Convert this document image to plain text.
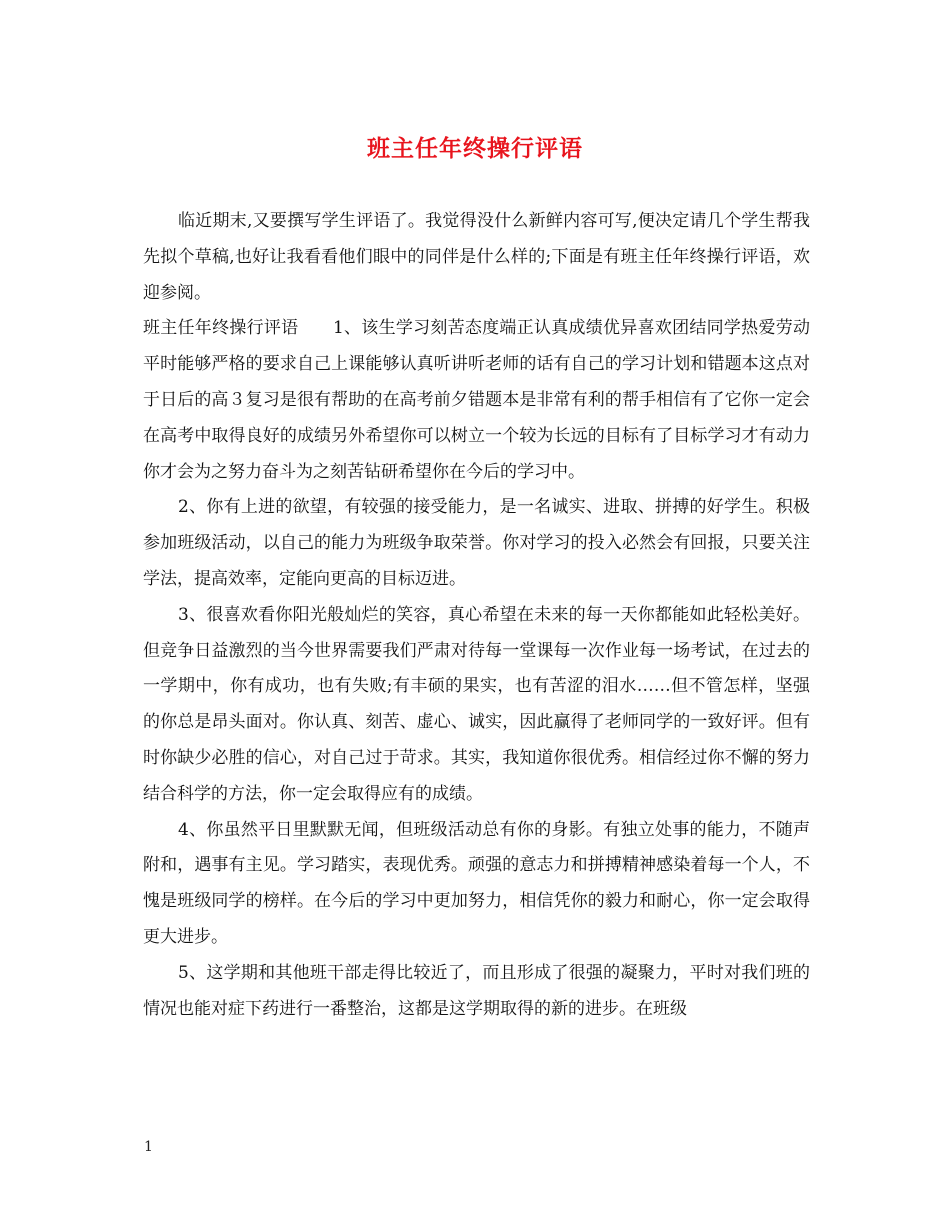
班主任年终操行评语

临近期末,又要撰写学生评语了。我觉得没什么新鲜内容可写,便决定请几个学生帮我先拟个草稿,也好让我看看他们眼中的同伴是什么样的;下面是有班主任年终操行评语，欢迎参阅。

班主任年终操行评语　　1、该生学习刻苦态度端正认真成绩优异喜欢团结同学热爱劳动平时能够严格的要求自己上课能够认真听讲听老师的话有自己的学习计划和错题本这点对于日后的高３复习是很有帮助的在高考前夕错题本是非常有利的帮手相信有了它你一定会在高考中取得良好的成绩另外希望你可以树立一个较为长远的目标有了目标学习才有动力你才会为之努力奋斗为之刻苦钻研希望你在今后的学习中。

2、你有上进的欲望，有较强的接受能力，是一名诚实、进取、拼搏的好学生。积极参加班级活动，以自己的能力为班级争取荣誉。你对学习的投入必然会有回报，只要关注学法，提高效率，定能向更高的目标迈进。

3、很喜欢看你阳光般灿烂的笑容，真心希望在未来的每一天你都能如此轻松美好。但竞争日益激烈的当今世界需要我们严肃对待每一堂课每一次作业每一场考试，在过去的一学期中，你有成功，也有失败;有丰硕的果实，也有苦涩的泪水……但不管怎样，坚强的你总是昂头面对。你认真、刻苦、虚心、诚实，因此赢得了老师同学的一致好评。但有时你缺少必胜的信心，对自己过于苛求。其实，我知道你很优秀。相信经过你不懈的努力结合科学的方法，你一定会取得应有的成绩。

4、你虽然平日里默默无闻，但班级活动总有你的身影。有独立处事的能力，不随声附和，遇事有主见。学习踏实，表现优秀。顽强的意志力和拼搏精神感染着每一个人，不愧是班级同学的榜样。在今后的学习中更加努力，相信凭你的毅力和耐心，你一定会取得更大进步。

5、这学期和其他班干部走得比较近了，而且形成了很强的凝聚力，平时对我们班的情况也能对症下药进行一番整治，这都是这学期取得的新的进步。在班级

1
